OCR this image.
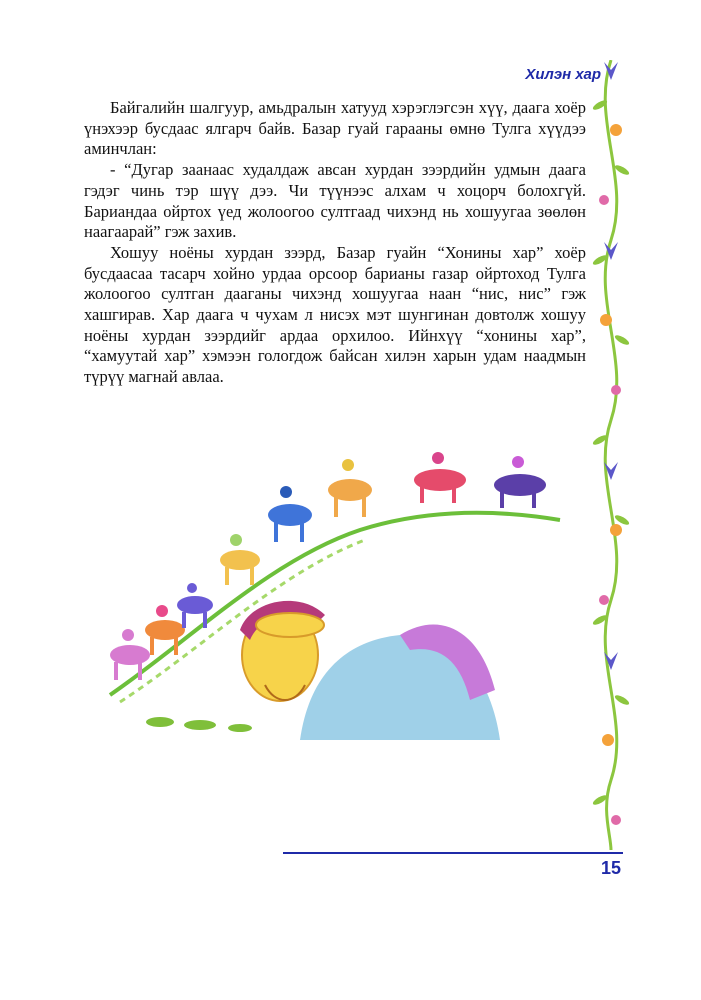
Хилэн хар

Байгалийн шалгуур, амьдралын хатууд хэрэглэгсэн хүү, даага хоёр үнэхээр бусдаас ялгарч байв. Базар гуай гарааны өмнө Тулга хүүдээ аминчлан:

- “Дугар заанаас худалдаж авсан хурдан зээрдийн удмын даага гэдэг чинь тэр шүү дээ. Чи түүнээс алхам ч хоцорч болохгүй. Бариандаа ойртох үед жолоогоо султгаад чихэнд нь хошуугаа зөөлөн наагаарай” гэж захив.

Хошуу ноёны хурдан зээрд, Базар гуайн “Хонины хар” хоёр бусдаасаа тасарч хойно урдаа орсоор барианы газар ойртоход Тулга жолоогоо султган дааганы чихэнд хошуугаа наан “нис, нис” гэж хашгирав. Хар даага ч чухам л нисэх мэт шунгинан довтолж хошуу ноёны хурдан зээрдийг ардаа орхилоо. Ийнхүү “хонины хар”, “хамуутай хар” хэмээн гологдож байсан хилэн харын удам наадмын түрүү магнай авлаа.

15
